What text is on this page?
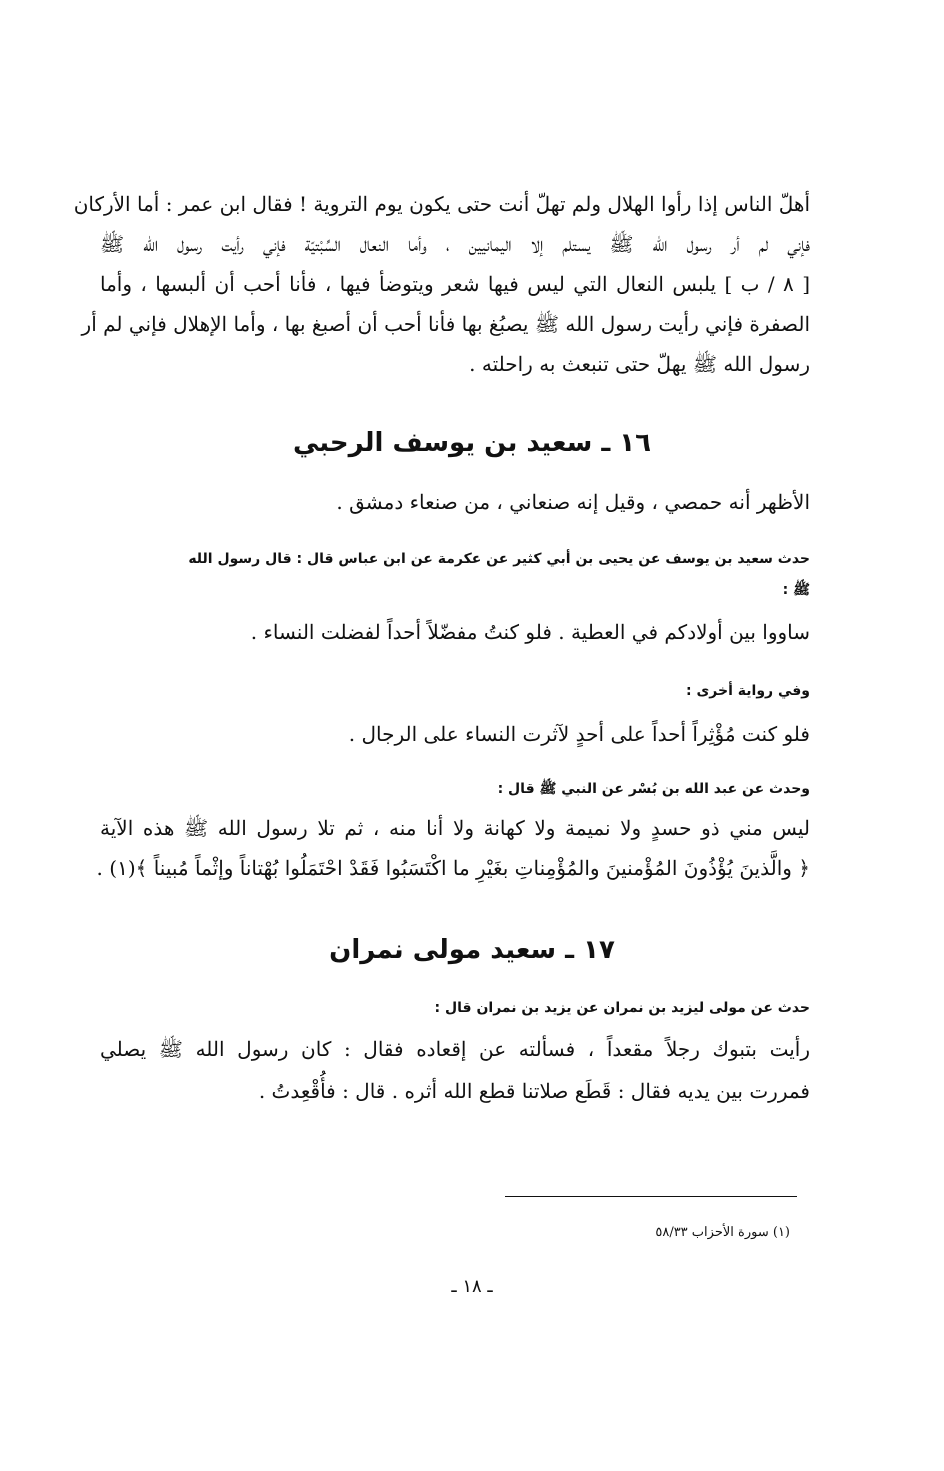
أهلّ الناس إذا رأوا الهلال ولم تهلّ أنت حتى يكون يوم التروية ! فقال ابن عمر : أما الأركان
فإني لم أر رسول الله ﷺ يستلم إلا اليمانيين ، وأما النعال السِّبْتيّة فإني رأيت رسول الله ﷺ
[ ٨ / ب ] يلبس النعال التي ليس فيها شعر ويتوضأ فيها ، فأنا أحب أن ألبسها ، وأما
الصفرة فإني رأيت رسول الله ﷺ يصبُغ بها فأنا أحب أن أصبغ بها ، وأما الإهلال فإني لم أر
رسول الله ﷺ يهلّ حتى تنبعث به راحلته .
١٦ ـ سعيد بن يوسف الرحبي
الأظهر أنه حمصي ، وقيل إنه صنعاني ، من صنعاء دمشق .
حدث سعيد بن يوسف عن يحيى بن أبي كثير عن عكرمة عن ابن عباس قال : قال رسول الله
ﷺ :
ساووا بين أولادكم في العطية . فلو كنتُ مفضّلاً أحداً لفضلت النساء .
وفي رواية أخرى :
فلو كنت مُؤْثِراً أحداً على أحدٍ لآثرت النساء على الرجال .
وحدث عن عبد الله بن بُسْر عن النبي ﷺ قال :
ليس مني ذو حسدٍ ولا نميمة ولا كهانة ولا أنا منه ، ثم تلا رسول الله ﷺ هذه الآية
﴿ والَّذينَ يُؤْذُونَ المُؤْمنينَ والمُؤْمِناتِ بغَيْرِ ما اكْتَسَبُوا فَقَدْ احْتَمَلُوا بُهْتاناً وإثْماً مُبيناً ﴾(١) .
١٧ ـ سعيد مولى نمران
حدث عن مولى ليزيد بن نمران عن يزيد بن نمران قال :
رأيت بتبوك رجلاً مقعداً ، فسألته عن إقعاده فقال : كان رسول الله ﷺ يصلي
فمررت بين يديه فقال : قَطَع صلاتنا قطع الله أثره . قال : فأُقْعِدتُ .
(١) سورة الأحزاب ٥٨/٣٣
ـ ١٨ ـ
